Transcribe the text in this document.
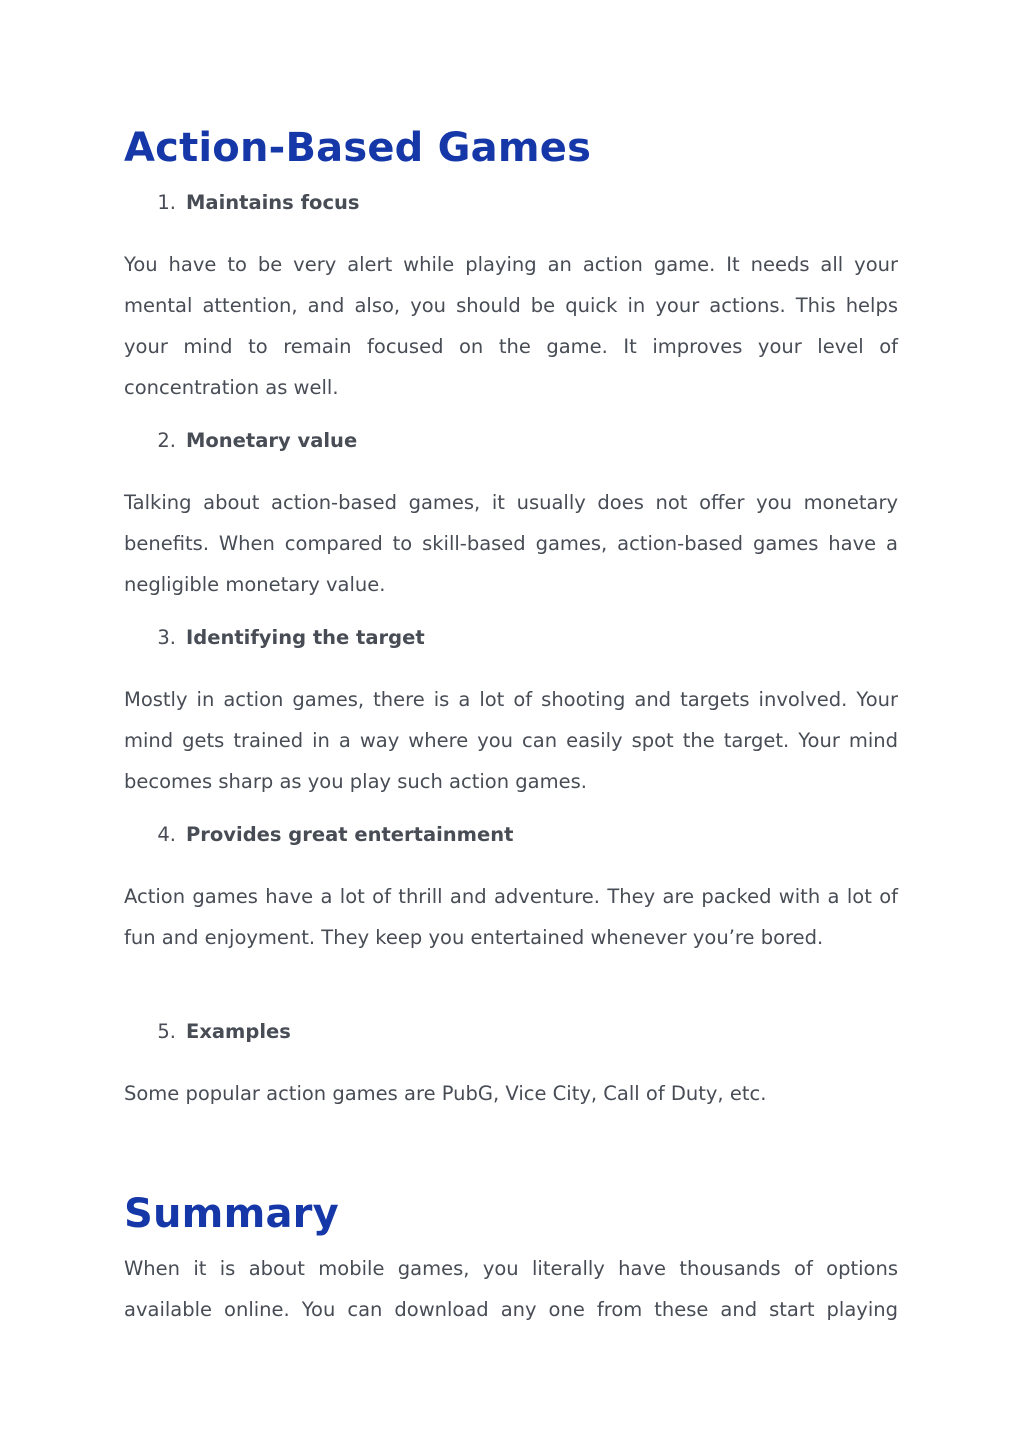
Action-Based Games
1. Maintains focus

You have to be very alert while playing an action game. It needs all your mental attention, and also, you should be quick in your actions. This helps your mind to remain focused on the game. It improves your level of concentration as well.

2. Monetary value

Talking about action-based games, it usually does not offer you monetary benefits. When compared to skill-based games, action-based games have a negligible monetary value.

3. Identifying the target

Mostly in action games, there is a lot of shooting and targets involved. Your mind gets trained in a way where you can easily spot the target. Your mind becomes sharp as you play such action games.

4. Provides great entertainment

Action games have a lot of thrill and adventure. They are packed with a lot of fun and enjoyment. They keep you entertained whenever you’re bored.

5. Examples

Some popular action games are PubG, Vice City, Call of Duty, etc.

Summary

When it is about mobile games, you literally have thousands of options available online. You can download any one from these and start playing
